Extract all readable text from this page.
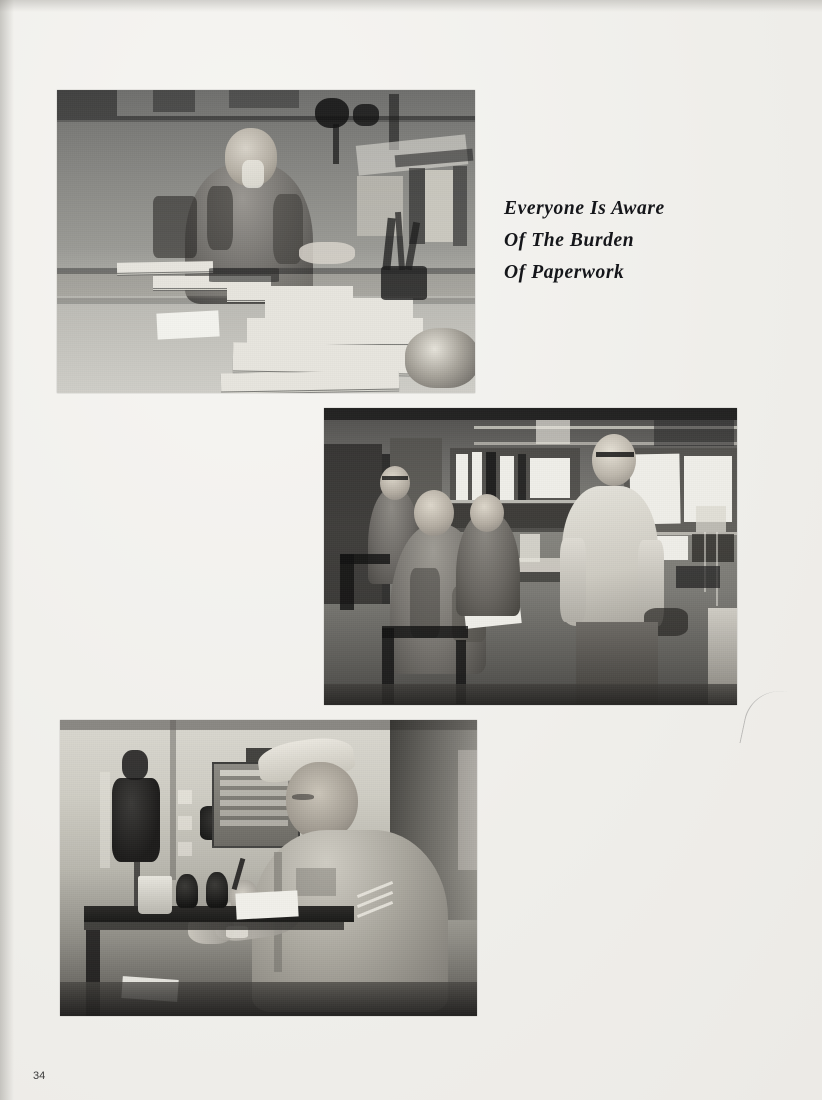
Everyone Is Aware
Of The Burden
Of Paperwork
34
